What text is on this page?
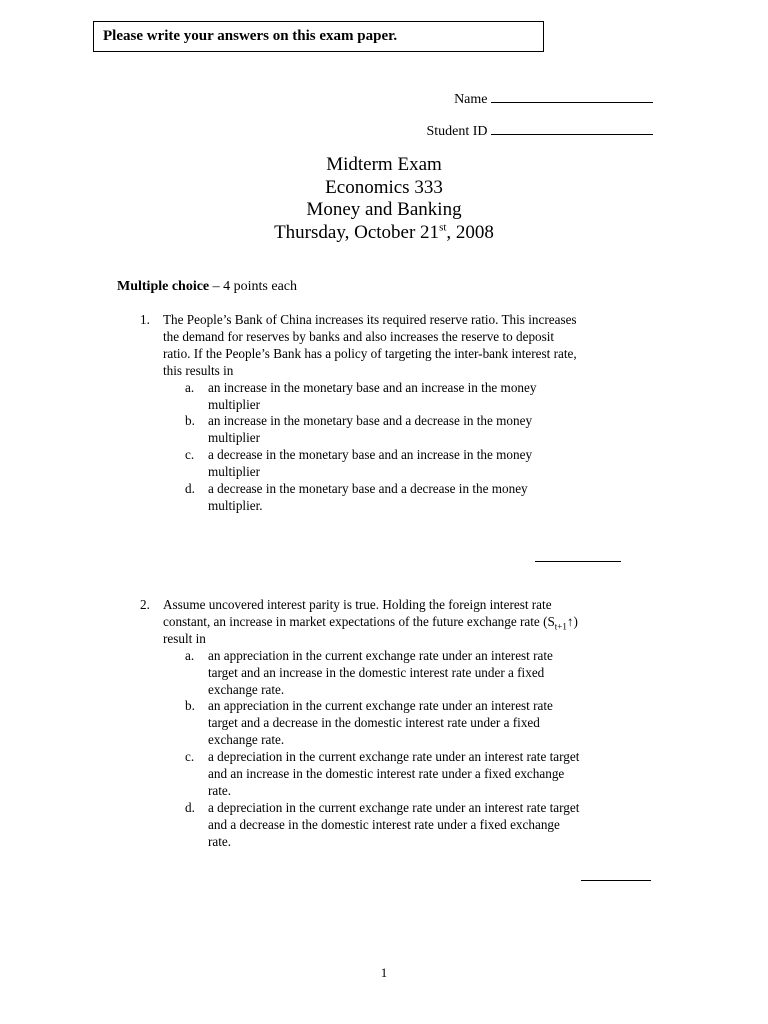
Please write your answers on this exam paper.
Name
Student ID
Midterm Exam
Economics 333
Money and Banking
Thursday, October 21st, 2008
Multiple choice – 4 points each
1. The People’s Bank of China increases its required reserve ratio. This increases
the demand for reserves by banks and also increases the reserve to deposit
ratio. If the People’s Bank has a policy of targeting the inter-bank interest rate,
this results in
a. an increase in the monetary base and an increase in the money
multiplier
b. an increase in the monetary base and a decrease in the money
multiplier
c. a decrease in the monetary base and an increase in the money
multiplier
d. a decrease in the monetary base and a decrease in the money
multiplier.
2. Assume uncovered interest parity is true. Holding the foreign interest rate
constant, an increase in market expectations of the future exchange rate $(S_{t+1}↑)$
result in
a. an appreciation in the current exchange rate under an interest rate
target and an increase in the domestic interest rate under a fixed
exchange rate.
b. an appreciation in the current exchange rate under an interest rate
target and a decrease in the domestic interest rate under a fixed
exchange rate.
c. a depreciation in the current exchange rate under an interest rate target
and an increase in the domestic interest rate under a fixed exchange
rate.
d. a depreciation in the current exchange rate under an interest rate target
and a decrease in the domestic interest rate under a fixed exchange
rate.
1
